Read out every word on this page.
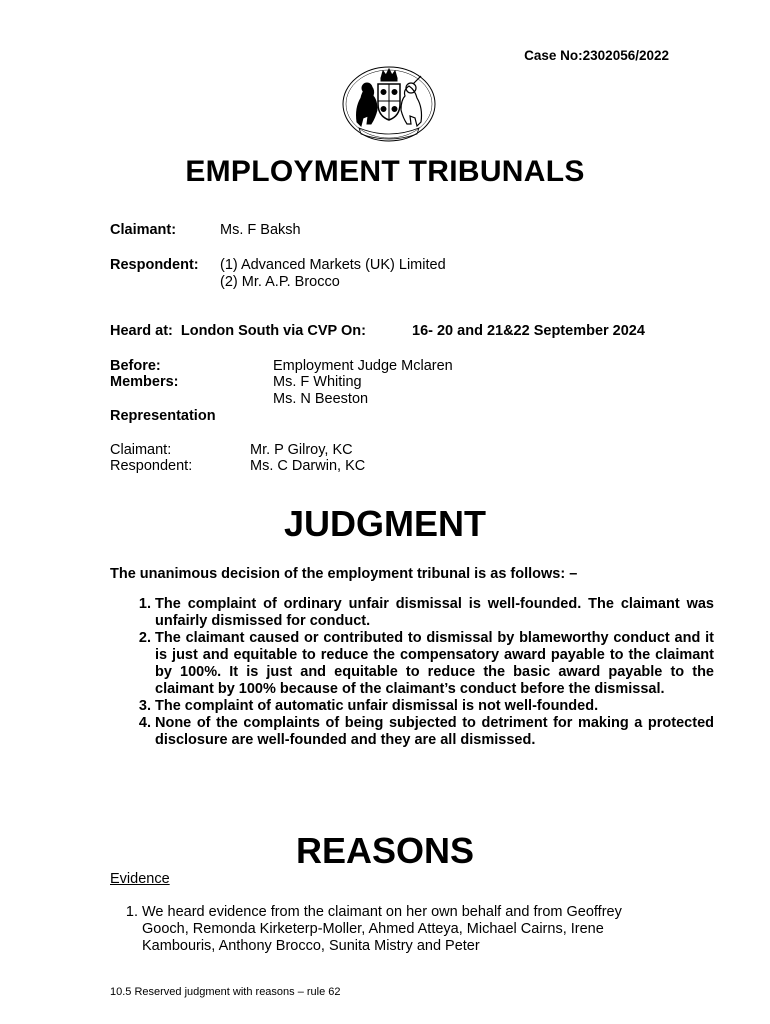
Case No:2302056/2022
EMPLOYMENT TRIBUNALS
Claimant:	Ms. F Baksh
Respondent: (1) Advanced Markets (UK) Limited
(2) Mr. A.P. Brocco
Heard at:  London South via CVP On:	16- 20 and 21&22 September 2024
Before:	Employment Judge Mclaren
Members:	Ms. F Whiting
Ms. N Beeston
Representation
Claimant:	Mr. P Gilroy, KC
Respondent:	Ms. C Darwin, KC
JUDGMENT
The unanimous decision of the employment tribunal is as follows: –
1. The complaint of ordinary unfair dismissal is well-founded. The claimant was unfairly dismissed for conduct.
2. The claimant caused or contributed to dismissal by blameworthy conduct and it is just and equitable to reduce the compensatory award payable to the claimant by 100%. It is just and equitable to reduce the basic award payable to the claimant by 100% because of the claimant’s conduct before the dismissal.
3. The complaint of automatic unfair dismissal is not well-founded.
4. None of the complaints of being subjected to detriment for making a protected disclosure are well-founded and they are all dismissed.
REASONS
Evidence
1. We heard evidence from the claimant on her own behalf and from Geoffrey Gooch, Remonda Kirketerp-Moller, Ahmed Atteya, Michael Cairns, Irene Kambouris, Anthony Brocco, Sunita Mistry and Peter
10.5 Reserved judgment with reasons – rule 62
